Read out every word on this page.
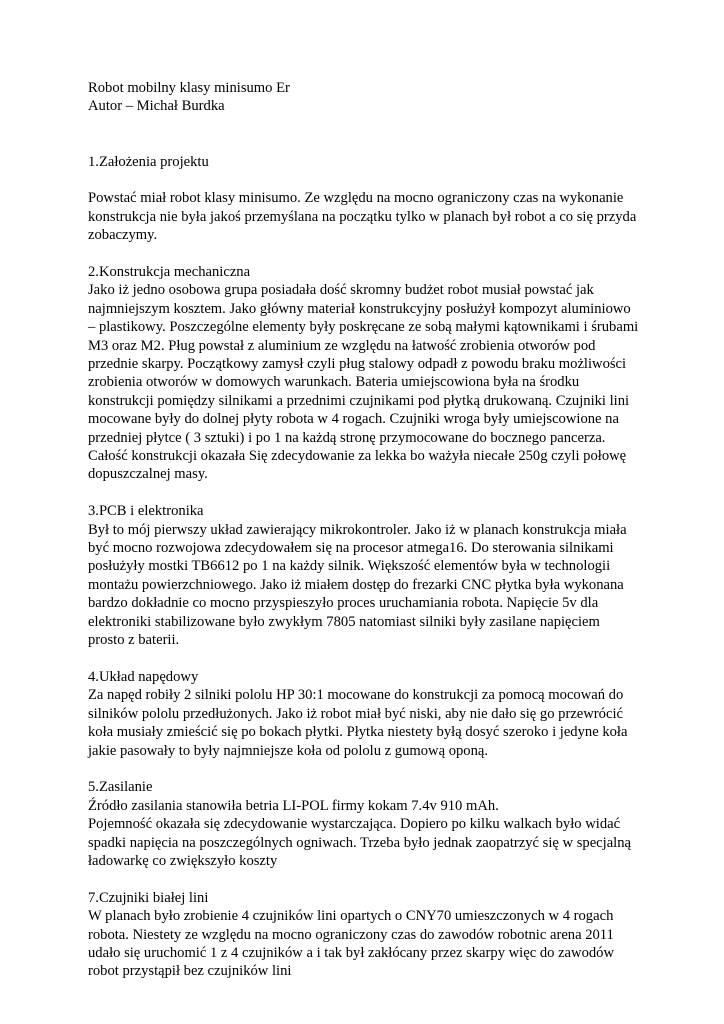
Robot mobilny klasy minisumo Er
Autor – Michał Burdka
1.Założenia projektu
Powstać miał robot klasy minisumo. Ze względu na mocno ograniczony czas na wykonanie
konstrukcja nie była jakoś przemyślana na początku tylko w planach był robot a co się przyda
zobaczymy.
2.Konstrukcja mechaniczna
Jako iż jedno osobowa grupa posiadała dość skromny budżet robot musiał powstać jak
najmniejszym kosztem. Jako główny materiał konstrukcyjny posłużył kompozyt aluminiowo
– plastikowy. Poszczególne elementy były poskręcane ze sobą małymi kątownikami i śrubami
M3 oraz M2. Pług powstał z aluminium ze względu na łatwość zrobienia otworów pod
przednie skarpy. Początkowy zamysł czyli pług stalowy odpadł z powodu braku możliwości
zrobienia otworów w domowych warunkach. Bateria umiejscowiona była na środku
konstrukcji pomiędzy silnikami a przednimi czujnikami pod płytką drukowaną. Czujniki lini
mocowane były do dolnej płyty robota w 4 rogach. Czujniki wroga były umiejscowione na
przedniej płytce ( 3 sztuki) i po 1 na każdą stronę przymocowane do bocznego pancerza.
Całość konstrukcji okazała Się zdecydowanie za lekka bo ważyła niecałe 250g czyli połowę
dopuszczalnej masy.
3.PCB i elektronika
Był to mój pierwszy układ zawierający mikrokontroler. Jako iż w planach konstrukcja miała
być mocno rozwojowa zdecydowałem się na procesor atmega16. Do sterowania silnikami
posłużyły mostki TB6612 po 1 na każdy silnik. Większość elementów była w technologii
montażu powierzchniowego. Jako iż miałem dostęp do frezarki CNC płytka była wykonana
bardzo dokładnie co mocno przyspieszyło proces uruchamiania robota. Napięcie 5v dla
elektroniki stabilizowane było zwykłym 7805 natomiast silniki były zasilane napięciem
prosto z baterii.
4.Układ napędowy
Za napęd robiły 2 silniki pololu HP 30:1 mocowane do konstrukcji za pomocą mocowań do
silników pololu przedłużonych. Jako iż robot miał być niski, aby nie dało się go przewrócić
koła musiały zmieścić się po bokach płytki. Płytka niestety byłą dosyć szeroko i jedyne koła
jakie pasowały to były najmniejsze koła od pololu z gumową oponą.
5.Zasilanie
Źródło zasilania stanowiła betria LI-POL firmy kokam 7.4v 910 mAh.
Pojemność okazała się zdecydowanie wystarczająca. Dopiero po kilku walkach było widać
spadki napięcia na poszczególnych ogniwach. Trzeba było jednak zaopatrzyć się w specjalną
ładowarkę co zwiększyło koszty
7.Czujniki białej lini
W planach było zrobienie 4 czujników lini opartych o CNY70 umieszczonych w 4 rogach
robota. Niestety ze względu na mocno ograniczony czas do zawodów robotnic arena 2011
udało się uruchomić 1 z 4 czujników a i tak był zakłócany przez skarpy więc do zawodów
robot przystąpił bez czujników lini
